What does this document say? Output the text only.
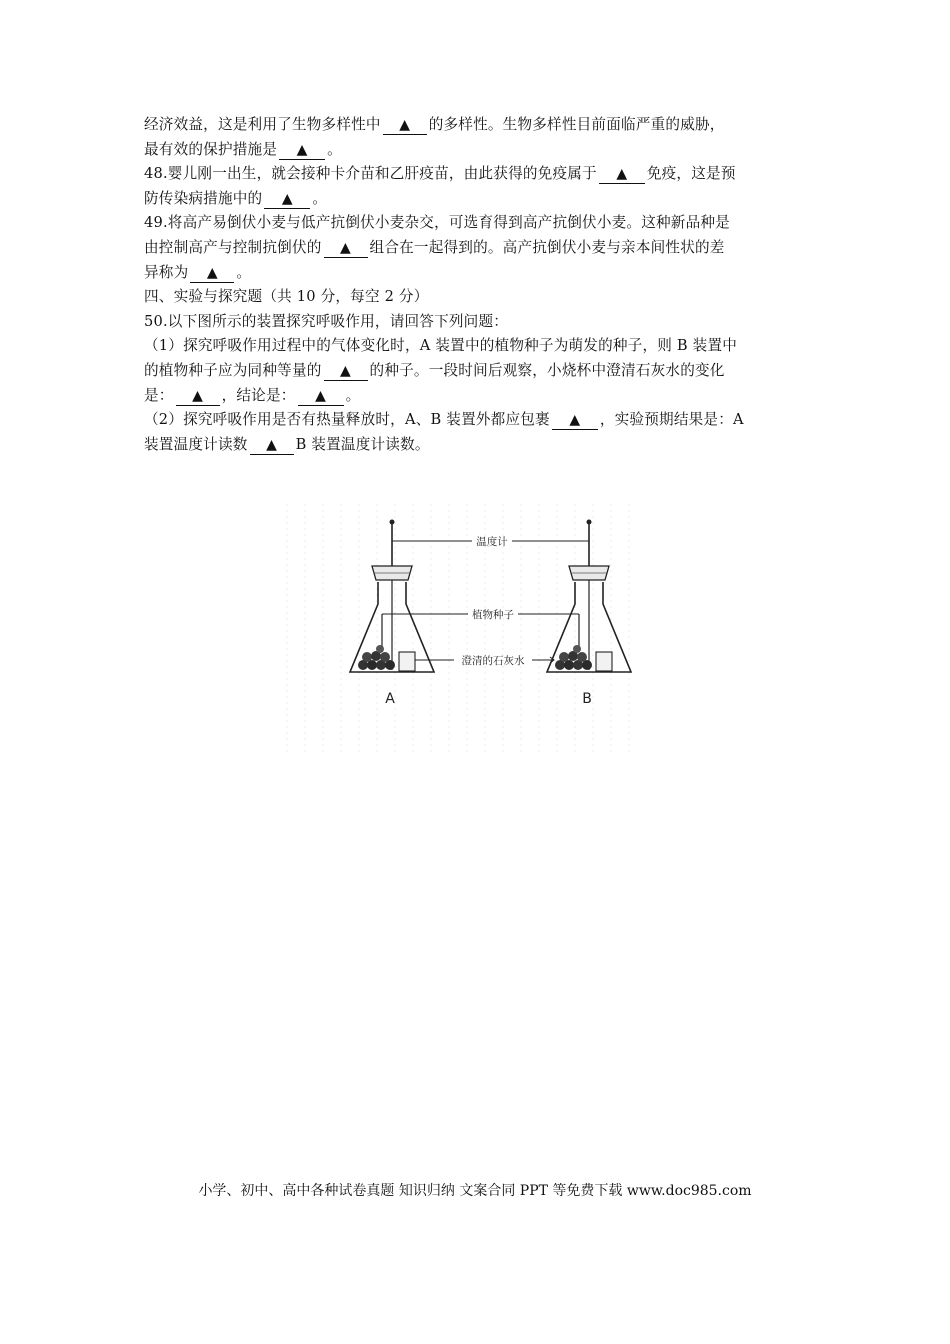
经济效益，这是利用了生物多样性中 ▲ 的多样性。生物多样性目前面临严重的威胁，

最有效的保护措施是 ▲ 。

48.婴儿刚一出生，就会接种卡介苗和乙肝疫苗，由此获得的免疫属于 ▲ 免疫，这是预

防传染病措施中的 ▲ 。

49.将高产易倒伏小麦与低产抗倒伏小麦杂交，可选育得到高产抗倒伏小麦。这种新品种是

由控制高产与控制抗倒伏的 ▲ 组合在一起得到的。高产抗倒伏小麦与亲本间性状的差

异称为 ▲ 。

四、实验与探究题（共 10 分，每空 2 分）

50.以下图所示的装置探究呼吸作用，请回答下列问题：

（1）探究呼吸作用过程中的气体变化时，A 装置中的植物种子为萌发的种子，则 B 装置中

的植物种子应为同种等量的 ▲ 的种子。一段时间后观察，小烧杯中澄清石灰水的变化

是： ▲ ，结论是： ▲ 。

（2）探究呼吸作用是否有热量释放时，A、B 装置外都应包裹 ▲ ，实验预期结果是：A

装置温度计读数 ▲ B 装置温度计读数。

温度计
植物种子
澄清的石灰水
A	B
小学、初中、高中各种试卷真题 知识归纳 文案合同 PPT 等免费下载 www.doc985.com
